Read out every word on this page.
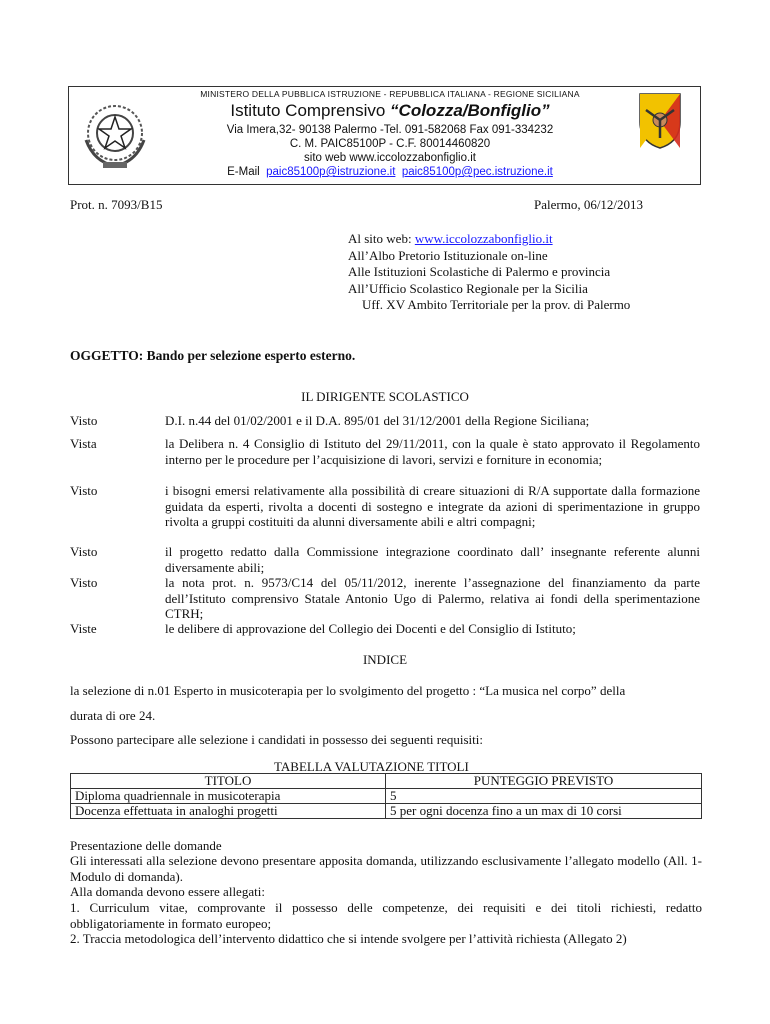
MINISTERO DELLA PUBBLICA ISTRUZIONE - REPUBBLICA ITALIANA - REGIONE SICILIANA
Istituto Comprensivo “Colozza/Bonfiglio”
Via Imera,32- 90138 Palermo -Tel. 091-582068 Fax 091-334232
C. M. PAIC85100P - C.F. 80014460820
sito web www.iccolozzabonfiglio.it
E-Mail paic85100p@istruzione.it paic85100p@pec.istruzione.it
Prot. n. 7093/B15	Palermo, 06/12/2013
Al sito web: www.iccolozzabonfiglio.it
All’Albo Pretorio Istituzionale on-line
Alle Istituzioni Scolastiche di Palermo e provincia
All’Ufficio Scolastico Regionale per la Sicilia
Uff. XV Ambito Territoriale per la prov. di Palermo
OGGETTO: Bando per selezione esperto esterno.
IL DIRIGENTE SCOLASTICO
Visto	D.I. n.44 del 01/02/2001 e il D.A. 895/01 del 31/12/2001 della Regione Siciliana;
Vista	la Delibera n. 4 Consiglio di Istituto del 29/11/2011, con la quale è stato approvato il Regolamento interno per le procedure per l’acquisizione di lavori, servizi e forniture in economia;
Visto	i bisogni emersi relativamente alla possibilità di creare situazioni di R/A supportate dalla formazione guidata da esperti, rivolta a docenti di sostegno e integrate da azioni di sperimentazione in gruppo rivolta a gruppi costituiti da alunni diversamente abili e altri compagni;
Visto	il progetto redatto dalla Commissione integrazione coordinato dall’ insegnante referente alunni diversamente abili;
Visto	la nota prot. n. 9573/C14 del 05/11/2012, inerente l’assegnazione del finanziamento da parte dell’Istituto comprensivo Statale Antonio Ugo di Palermo, relativa ai fondi della sperimentazione CTRH;
Viste	le delibere di approvazione del Collegio dei Docenti e del Consiglio di Istituto;
INDICE
la selezione di n.01 Esperto in musicoterapia per lo svolgimento del progetto : “La musica nel corpo” della
durata di ore 24.
Possono partecipare alle selezione i candidati in possesso dei seguenti requisiti:
TABELLA VALUTAZIONE TITOLI
TITOLO	PUNTEGGIO PREVISTO
Diploma quadriennale in musicoterapia	5
Docenza effettuata in analoghi progetti	5 per ogni docenza fino a un max di 10 corsi
Presentazione delle domande
Gli interessati alla selezione devono presentare apposita domanda, utilizzando esclusivamente l’allegato modello (All. 1- Modulo di domanda).
Alla domanda devono essere allegati:
1. Curriculum vitae, comprovante il possesso delle competenze, dei requisiti e dei titoli richiesti, redatto obbligatoriamente in formato europeo;
2. Traccia metodologica dell’intervento didattico che si intende svolgere per l’attività richiesta (Allegato 2)
